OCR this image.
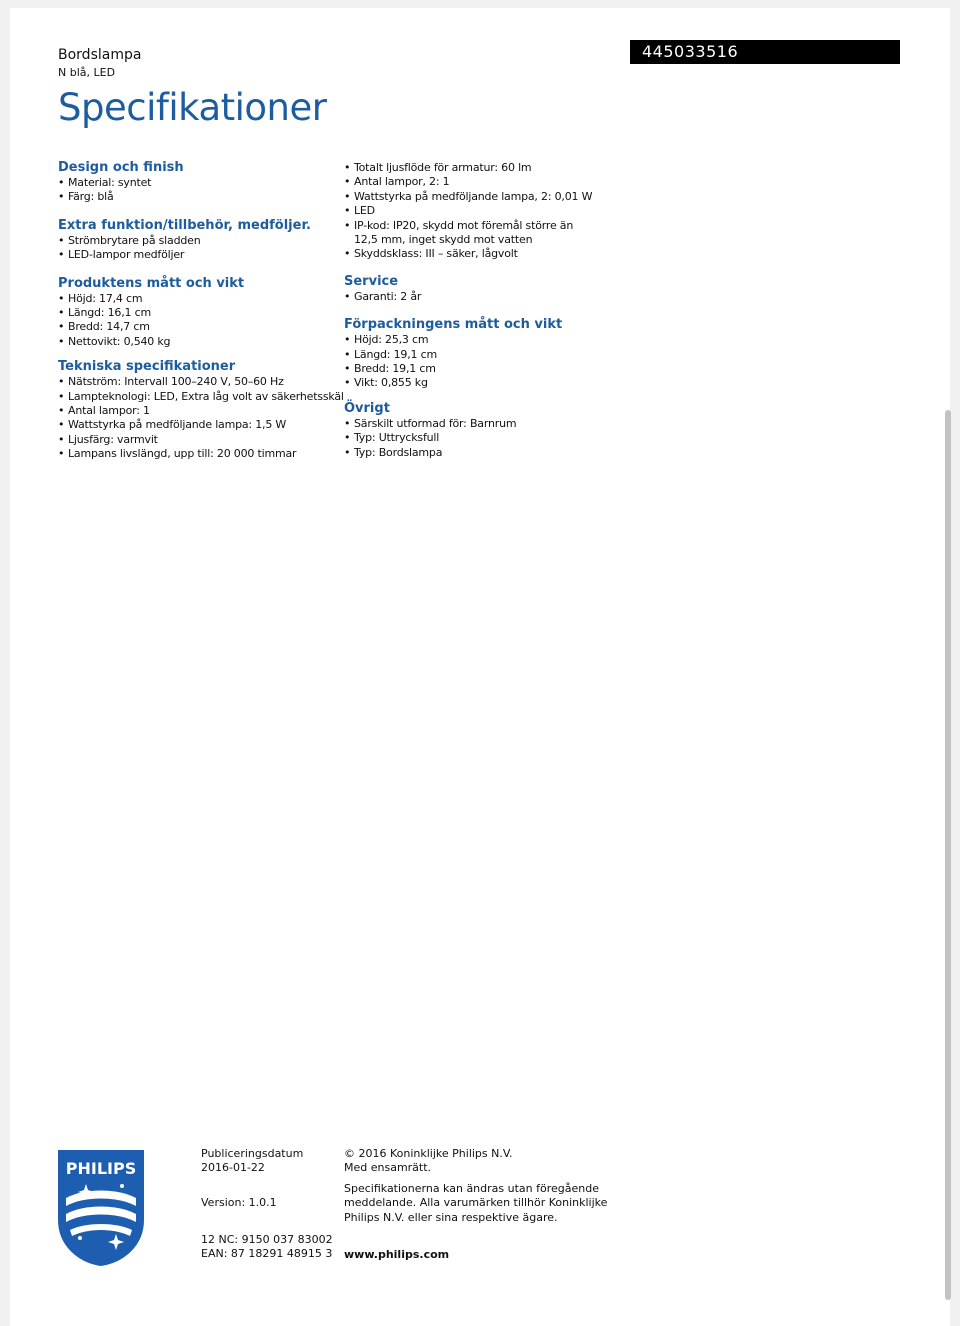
Bordslampa
N blå, LED
445033516
Specifikationer
Design och finish
• Material: syntet
• Färg: blå
Extra funktion/tillbehör, medföljer.
• Strömbrytare på sladden
• LED-lampor medföljer
Produktens mått och vikt
• Höjd: 17,4 cm
• Längd: 16,1 cm
• Bredd: 14,7 cm
• Nettovikt: 0,540 kg
Tekniska specifikationer
• Nätström: Intervall 100–240 V, 50–60 Hz
• Lampteknologi: LED, Extra låg volt av säkerhetsskäl
• Antal lampor: 1
• Wattstyrka på medföljande lampa: 1,5 W
• Ljusfärg: varmvit
• Lampans livslängd, upp till: 20 000 timmar
• Totalt ljusflöde för armatur: 60 lm
• Antal lampor, 2: 1
• Wattstyrka på medföljande lampa, 2: 0,01 W
• LED
• IP-kod: IP20, skydd mot föremål större än 12,5 mm, inget skydd mot vatten
• Skyddsklass: III – säker, lågvolt
Service
• Garanti: 2 år
Förpackningens mått och vikt
• Höjd: 25,3 cm
• Längd: 19,1 cm
• Bredd: 19,1 cm
• Vikt: 0,855 kg
Övrigt
• Särskilt utformad för: Barnrum
• Typ: Uttrycksfull
• Typ: Bordslampa
PHILIPS
Publiceringsdatum
2016-01-22
Version: 1.0.1
12 NC: 9150 037 83002
EAN: 87 18291 48915 3
© 2016 Koninklijke Philips N.V.
Med ensamrätt.
Specifikationerna kan ändras utan föregående meddelande. Alla varumärken tillhör Koninklijke Philips N.V. eller sina respektive ägare.
www.philips.com
